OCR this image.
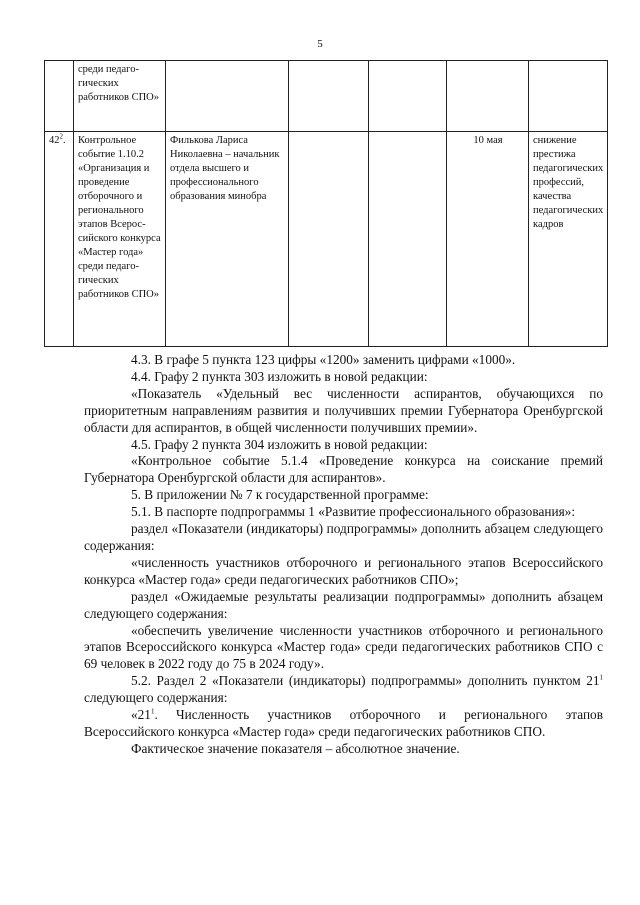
5
	среди педаго-гических работников СПО»					
$42^2$.	Контрольное событие 1.10.2 «Организация и проведение отборочного и регионального этапов Всерос-сийского конкурса «Мастер года» среди педаго-гических работников СПО»	Филькова Лариса Николаевна – начальник отдела высшего и профессионального образования минобра			10 мая	снижение престижа педагогических профессий, качества педагогических кадров

4.3. В графе 5 пункта 123 цифры «1200» заменить цифрами «1000».

4.4. Графу 2 пункта 303 изложить в новой редакции:

«Показатель «Удельный вес численности аспирантов, обучающихся по приоритетным направлениям развития и получивших премии Губернатора Оренбургской области для аспирантов, в общей численности получивших премии».

4.5. Графу 2 пункта 304 изложить в новой редакции:

«Контрольное событие 5.1.4 «Проведение конкурса на соискание премий Губернатора Оренбургской области для аспирантов».

5. В приложении № 7 к государственной программе:

5.1. В паспорте подпрограммы 1 «Развитие профессионального образования»:

раздел «Показатели (индикаторы) подпрограммы» дополнить абзацем следующего содержания:

«численность участников отборочного и регионального этапов Всероссийского конкурса «Мастер года» среди педагогических работников СПО»;

раздел «Ожидаемые результаты реализации подпрограммы» дополнить абзацем следующего содержания:

«обеспечить увеличение численности участников отборочного и регионального этапов Всероссийского конкурса «Мастер года» среди педагогических работников СПО с 69 человек в 2022 году до 75 в 2024 году».

5.2. Раздел 2 «Показатели (индикаторы) подпрограммы» дополнить пунктом $21^1$ следующего содержания:

«$21^1$. Численность участников отборочного и регионального этапов Всероссийского конкурса «Мастер года» среди педагогических работников СПО.

Фактическое значение показателя – абсолютное значение.
